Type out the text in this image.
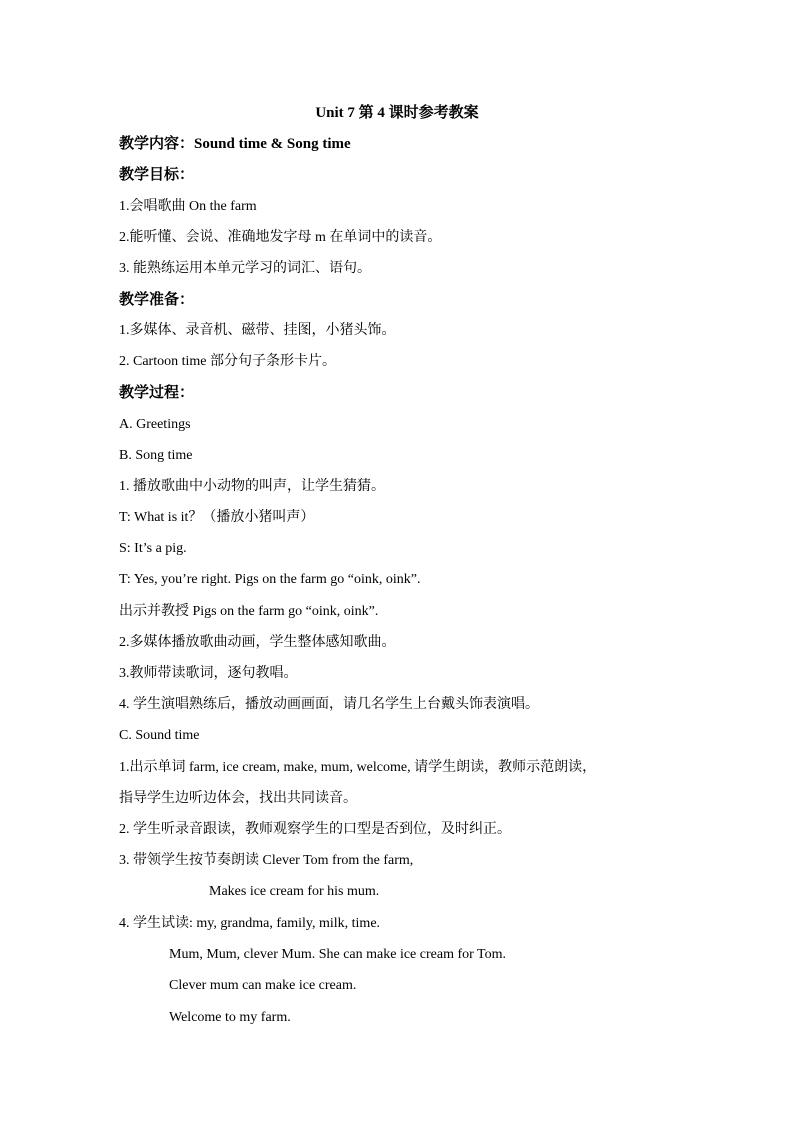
Unit 7 第 4 课时参考教案
教学内容：Sound time & Song time
教学目标：
1.会唱歌曲 On the farm
2.能听懂、会说、准确地发字母 m 在单词中的读音。
3. 能熟练运用本单元学习的词汇、语句。
教学准备：
1.多媒体、录音机、磁带、挂图，小猪头饰。
2. Cartoon time 部分句子条形卡片。
教学过程：
A. Greetings
B. Song time
1. 播放歌曲中小动物的叫声，让学生猜猜。
T: What is it？（播放小猪叫声）
S: It’s a pig.
T: Yes, you’re right. Pigs on the farm go “oink, oink”.
出示并教授 Pigs on the farm go “oink, oink”.
2.多媒体播放歌曲动画，学生整体感知歌曲。
3.教师带读歌词，逐句教唱。
4. 学生演唱熟练后，播放动画画面，请几名学生上台戴头饰表演唱。
C. Sound time
1.出示单词 farm, ice cream, make, mum, welcome, 请学生朗读，教师示范朗读，
指导学生边听边体会，找出共同读音。
2. 学生听录音跟读，教师观察学生的口型是否到位，及时纠正。
3. 带领学生按节奏朗读 Clever Tom from the farm,
Makes ice cream for his mum.
4. 学生试读: my, grandma, family, milk, time.
Mum, Mum, clever Mum. She can make ice cream for Tom.
Clever mum can make ice cream.
Welcome to my farm.
